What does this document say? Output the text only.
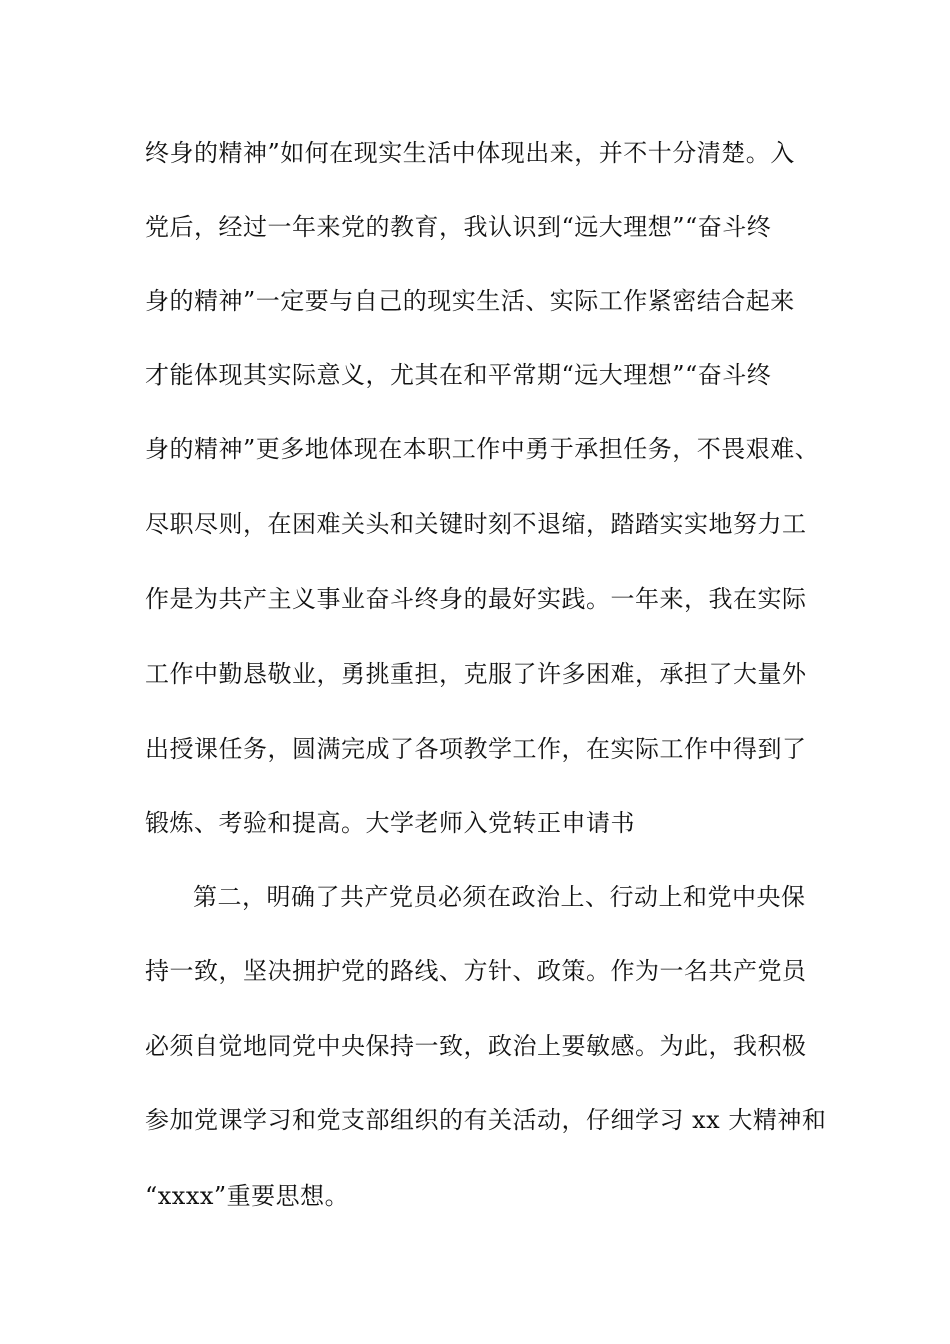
终身的精神”如何在现实生活中体现出来，并不十分清楚。入
党后，经过一年来党的教育，我认识到“远大理想”“奋斗终
身的精神”一定要与自己的现实生活、实际工作紧密结合起来
才能体现其实际意义，尤其在和平常期“远大理想”“奋斗终
身的精神”更多地体现在本职工作中勇于承担任务，不畏艰难、
尽职尽则，在困难关头和关键时刻不退缩，踏踏实实地努力工
作是为共产主义事业奋斗终身的最好实践。一年来，我在实际
工作中勤恳敬业，勇挑重担，克服了许多困难，承担了大量外
出授课任务，圆满完成了各项教学工作，在实际工作中得到了
锻炼、考验和提高。大学老师入党转正申请书
第二，明确了共产党员必须在政治上、行动上和党中央保
持一致，坚决拥护党的路线、方针、政策。作为一名共产党员
必须自觉地同党中央保持一致，政治上要敏感。为此，我积极
参加党课学习和党支部组织的有关活动，仔细学习 xx 大精神和
“xxxx”重要思想。
